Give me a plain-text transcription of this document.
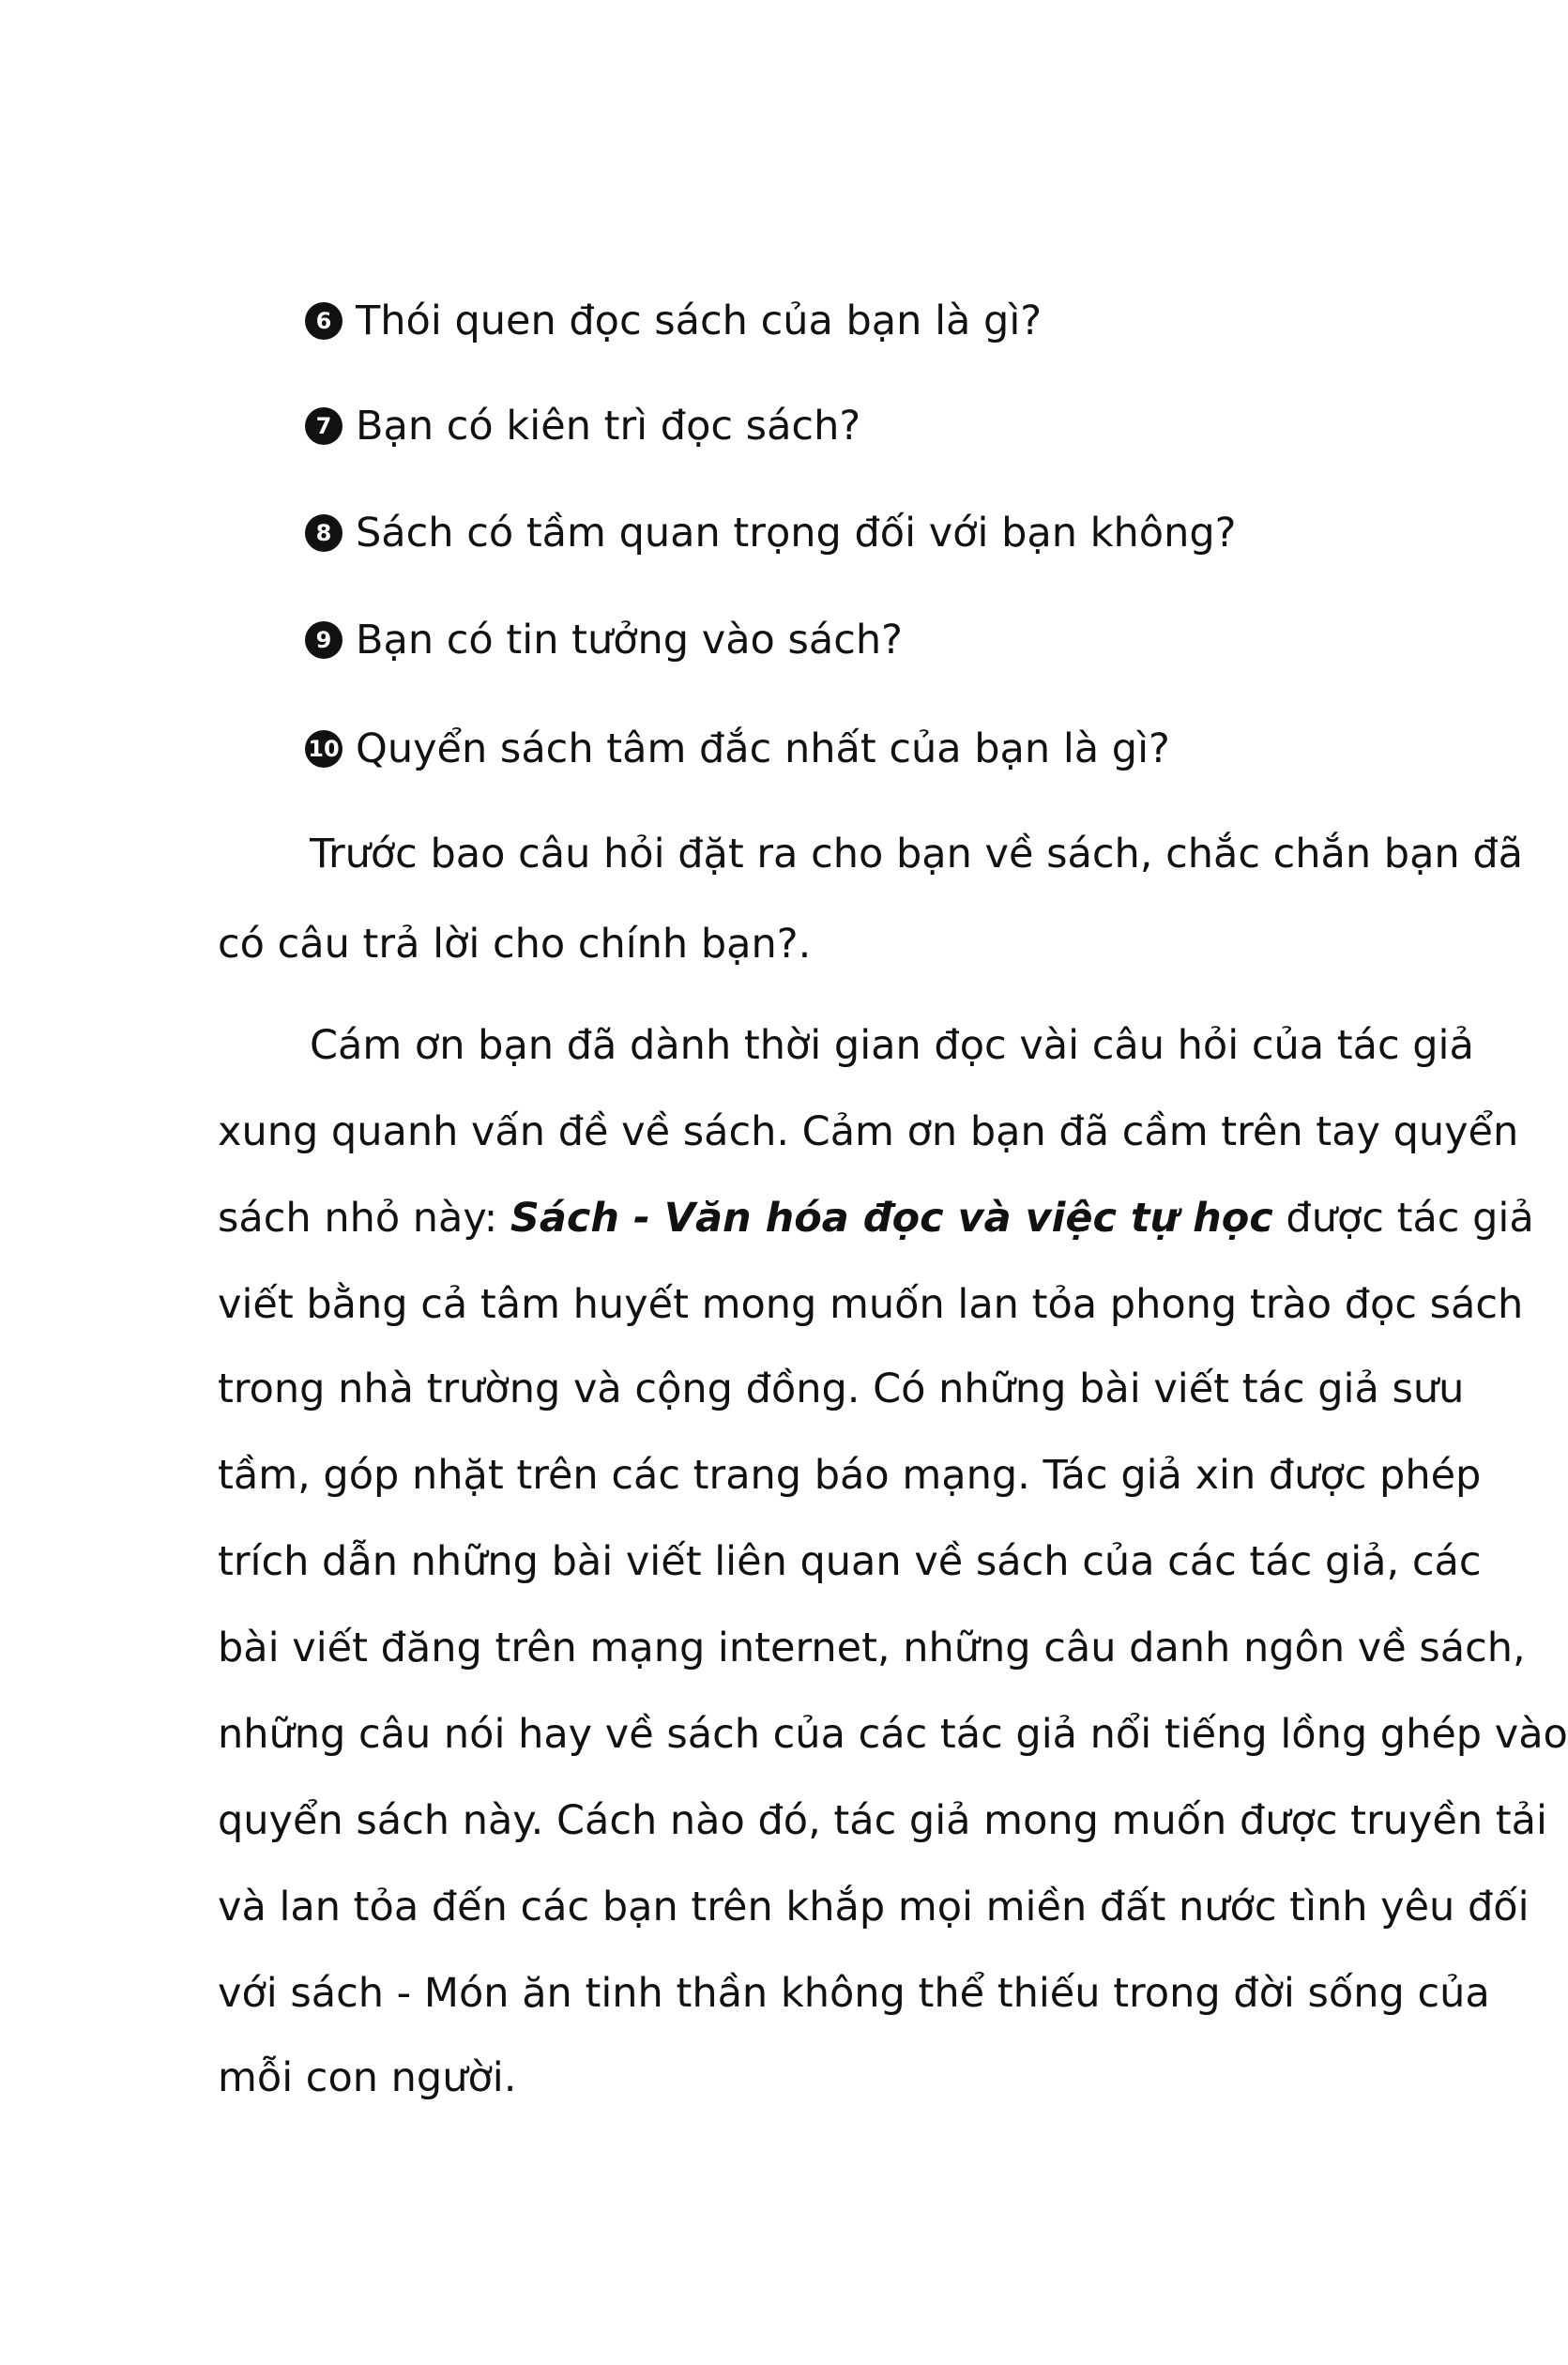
6 Thói quen đọc sách của bạn là gì?
7 Bạn có kiên trì đọc sách?
8 Sách có tầm quan trọng đối với bạn không?
9 Bạn có tin tưởng vào sách?
10 Quyển sách tâm đắc nhất của bạn là gì?
Trước bao câu hỏi đặt ra cho bạn về sách, chắc chắn bạn đã
có câu trả lời cho chính bạn?.
Cám ơn bạn đã dành thời gian đọc vài câu hỏi của tác giả
xung quanh vấn đề về sách. Cảm ơn bạn đã cầm trên tay quyển
sách nhỏ này: Sách - Văn hóa đọc và việc tự học được tác giả
viết bằng cả tâm huyết mong muốn lan tỏa phong trào đọc sách
trong nhà trường và cộng đồng. Có những bài viết tác giả sưu
tầm, góp nhặt trên các trang báo mạng. Tác giả xin được phép
trích dẫn những bài viết liên quan về sách của các tác giả, các
bài viết đăng trên mạng internet, những câu danh ngôn về sách,
những câu nói hay về sách của các tác giả nổi tiếng lồng ghép vào
quyển sách này. Cách nào đó, tác giả mong muốn được truyền tải
và lan tỏa đến các bạn trên khắp mọi miền đất nước tình yêu đối
với sách - Món ăn tinh thần không thể thiếu trong đời sống của
mỗi con người.
